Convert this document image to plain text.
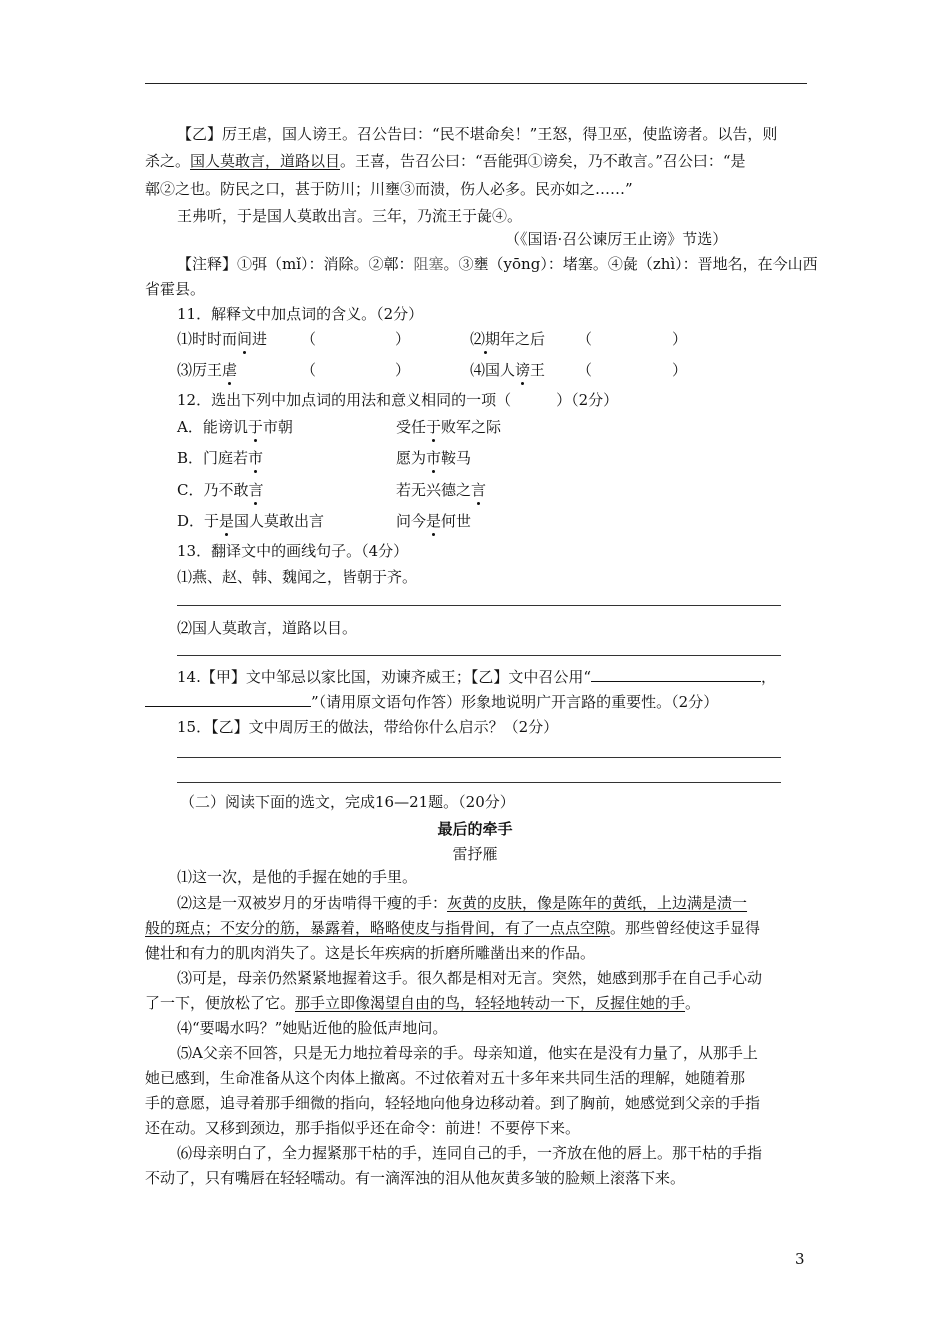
【乙】厉王虐，国人谤王。召公告曰：“民不堪命矣！”王怒，得卫巫，使监谤者。以告，则
杀之。国人莫敢言，道路以目。王喜，告召公曰：“吾能弭①谤矣，乃不敢言。”召公曰：“是
鄣②之也。防民之口，甚于防川；川壅③而溃，伤人必多。民亦如之……”
王弗听，于是国人莫敢出言。三年，乃流王于彘④。
（《国语·召公谏厉王止谤》节选）
【注释】①弭（mǐ）：消除。②鄣：阻塞。③壅（yōng）：堵塞。④彘（zhì）：晋地名，在今山西
省霍县。
11．解释文中加点词的含义。（2分）
⑴时时而间进 （	）	⑵期年之后 （	）
⑶厉王虐	（	）	⑷国人谤王 （	）
12．选出下列中加点词的用法和意义相同的一项（　　　）（2分）
A．能谤讥于市朝	受任于败军之际
B．门庭若市	愿为市鞍马
C．乃不敢言	若无兴德之言
D．于是国人莫敢出言	问今是何世
13．翻译文中的画线句子。（4分）
⑴燕、赵、韩、魏闻之，皆朝于齐。
⑵国人莫敢言，道路以目。
14.【甲】文中邹忌以家比国，劝谏齐威王；【乙】文中召公用“	，
”（请用原文语句作答）形象地说明广开言路的重要性。（2分）
15．【乙】文中周厉王的做法，带给你什么启示？（2分）
（二）阅读下面的选文，完成16—21题。（20分）
最后的牵手
雷抒雁
⑴这一次，是他的手握在她的手里。
⑵这是一双被岁月的牙齿啃得干瘦的手：灰黄的皮肤，像是陈年的黄纸，上边满是渍一
般的斑点；不安分的筋，暴露着，略略使皮与指骨间，有了一点点空隙。那些曾经使这手显得
健壮和有力的肌肉消失了。这是长年疾病的折磨所雕凿出来的作品。
⑶可是，母亲仍然紧紧地握着这手。很久都是相对无言。突然，她感到那手在自己手心动
了一下，便放松了它。那手立即像渴望自由的鸟，轻轻地转动一下，反握住她的手。
⑷“要喝水吗？”她贴近他的脸低声地问。
⑸A父亲不回答，只是无力地拉着母亲的手。母亲知道，他实在是没有力量了，从那手上
她已感到，生命准备从这个肉体上撤离。不过依着对五十多年来共同生活的理解，她随着那
手的意愿，追寻着那手细微的指向，轻轻地向他身边移动着。到了胸前，她感觉到父亲的手指
还在动。又移到颈边，那手指似乎还在命令：前进！不要停下来。
⑹母亲明白了，全力握紧那干枯的手，连同自己的手，一齐放在他的唇上。那干枯的手指
不动了，只有嘴唇在轻轻嚅动。有一滴浑浊的泪从他灰黄多皱的脸颊上滚落下来。
3
